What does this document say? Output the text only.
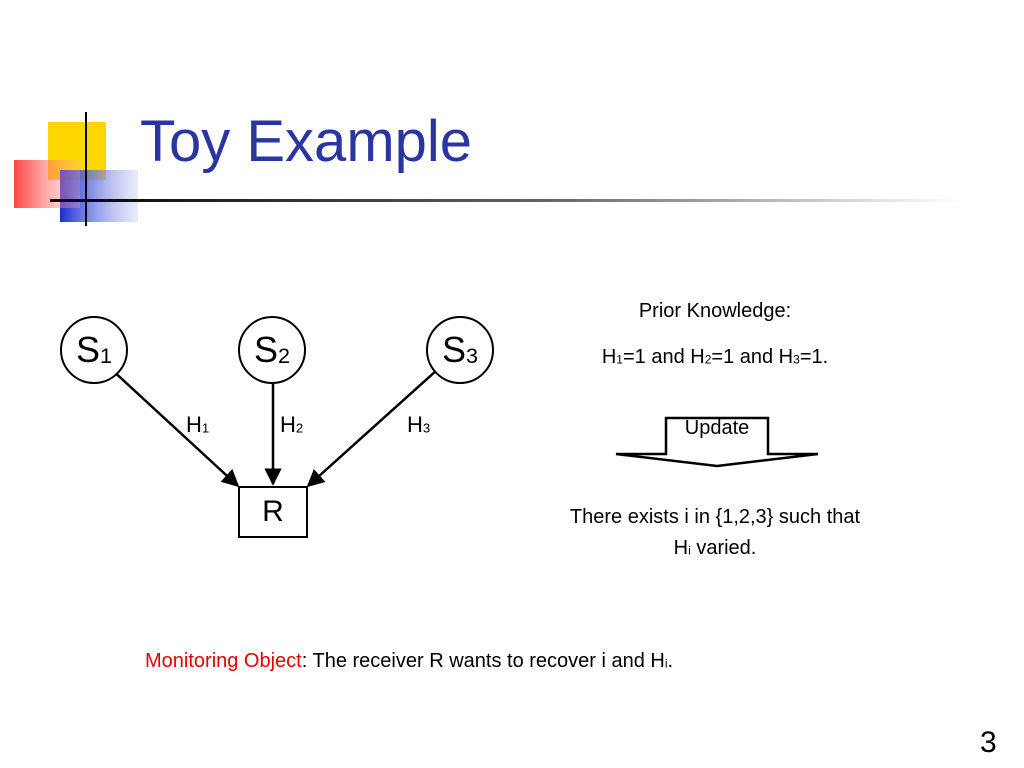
Toy Example
$S_1$	$S_2$	$S_3$
$H_1$	$H_2$	$H_3$
R
Prior Knowledge:
$H_1=1$ and $H_2=1$ and $H_3=1$.
Update
There exists i in {1,2,3} such that
$H_i$ varied.
Monitoring Object: The receiver R wants to recover i and $H_i$.
3
